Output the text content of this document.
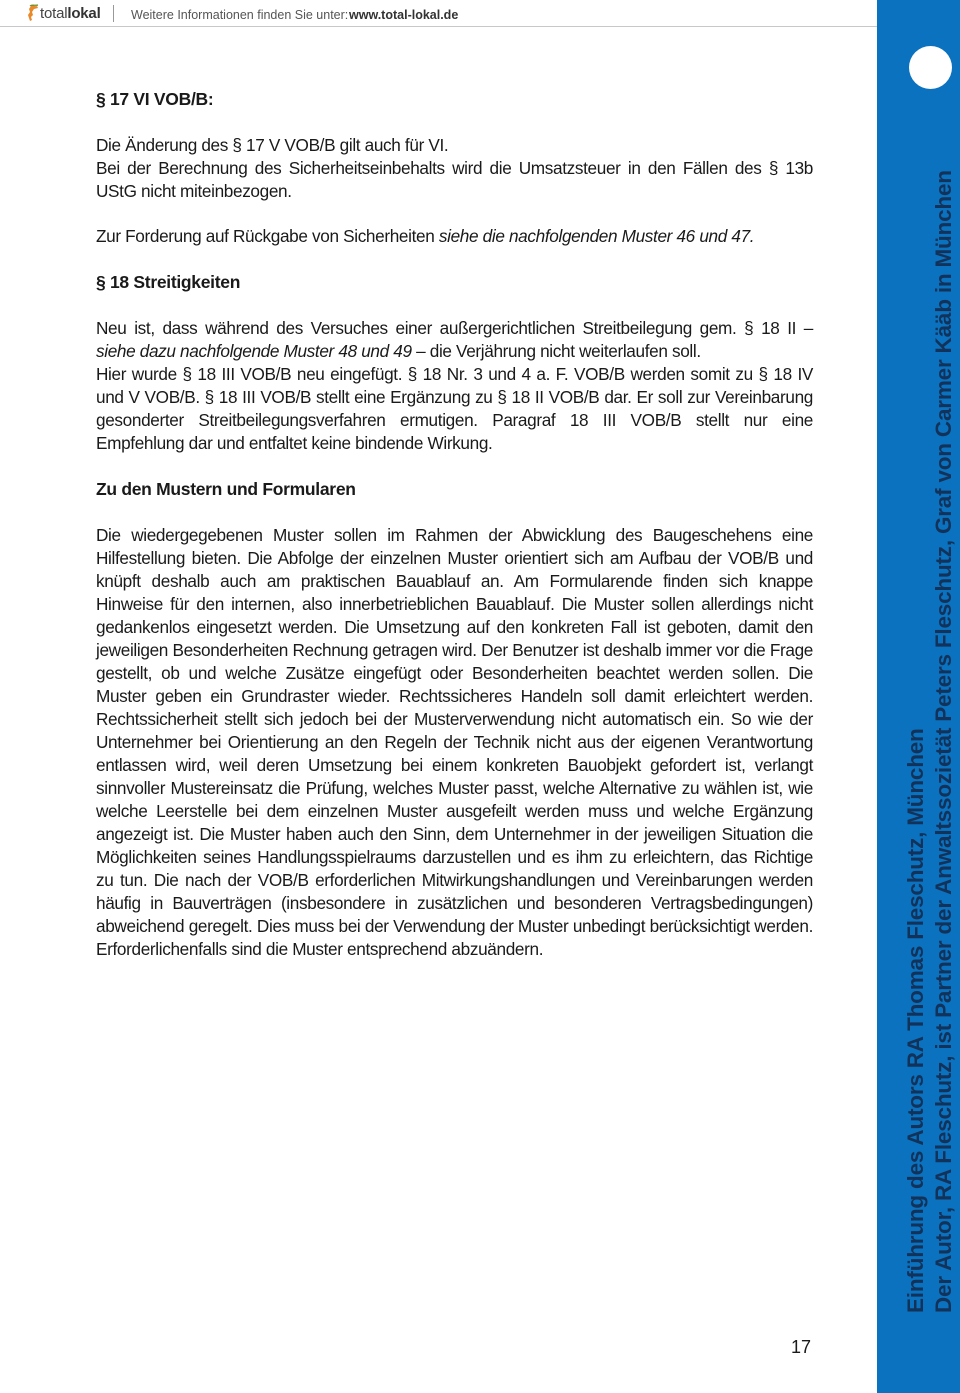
totallokal Weitere Informationen finden Sie unter: www.total-lokal.de
§ 17 VI VOB/B:

Die Änderung des § 17 V VOB/B gilt auch für VI.

Bei der Berechnung des Sicherheitseinbehalts wird die Umsatzsteuer in den Fällen des § 13b UStG nicht miteinbezogen.

Zur Forderung auf Rückgabe von Sicherheiten siehe die nachfolgenden Muster 46 und 47.

§ 18 Streitigkeiten

Neu ist, dass während des Versuches einer außergerichtlichen Streitbeilegung gem. § 18 II – siehe dazu nachfolgende Muster 48 und 49 – die Verjährung nicht weiterlaufen soll.

Hier wurde § 18 III VOB/B neu eingefügt. § 18 Nr. 3 und 4 a. F. VOB/B werden somit zu § 18 IV und V VOB/B. § 18 III VOB/B stellt eine Ergänzung zu § 18 II VOB/B dar. Er soll zur Vereinbarung gesonderter Streitbeilegungsverfahren ermutigen. Paragraf 18 III VOB/B stellt nur eine Empfehlung dar und entfaltet keine bindende Wirkung.

Zu den Mustern und Formularen

Die wiedergegebenen Muster sollen im Rahmen der Abwicklung des Baugeschehens eine Hilfestellung bieten. Die Abfolge der einzelnen Muster orientiert sich am Aufbau der VOB/B und knüpft deshalb auch am praktischen Bauablauf an. Am Formularende finden sich knappe Hinweise für den internen, also innerbetrieblichen Bauablauf. Die Muster sollen allerdings nicht gedankenlos eingesetzt werden. Die Umsetzung auf den konkreten Fall ist geboten, damit den jeweiligen Besonderheiten Rechnung getragen wird. Der Benutzer ist deshalb immer vor die Frage gestellt, ob und welche Zusätze eingefügt oder Besonderheiten beachtet werden sollen. Die Muster geben ein Grundraster wieder. Rechtssicheres Handeln soll damit erleichtert werden. Rechtssicherheit stellt sich jedoch bei der Musterverwendung nicht automatisch ein. So wie der Unternehmer bei Orientierung an den Regeln der Technik nicht aus der eigenen Verantwortung entlassen wird, weil deren Umsetzung bei einem konkreten Bauobjekt gefordert ist, verlangt sinnvoller Mustereinsatz die Prüfung, welches Muster passt, welche Alternative zu wählen ist, wie welche Leerstelle bei dem einzelnen Muster ausgefeilt werden muss und welche Ergänzung angezeigt ist. Die Muster haben auch den Sinn, dem Unternehmer in der jeweiligen Situation die Möglichkeiten seines Handlungsspielraums darzustellen und es ihm zu erleichtern, das Richtige zu tun. Die nach der VOB/B erforderlichen Mitwirkungshandlungen und Vereinbarungen werden häufig in Bauverträgen (insbesondere in zusätzlichen und besonderen Vertragsbedingungen) abweichend geregelt. Dies muss bei der Verwendung der Muster unbedingt berücksichtigt werden. Erforderlichenfalls sind die Muster entsprechend abzuändern.

17
Einführung des Autors RA Thomas Fleschutz, München Der Autor, RA Fleschutz, ist Partner der Anwaltssozietät Peters Fleschutz, Graf von Carmer Kääb in München
